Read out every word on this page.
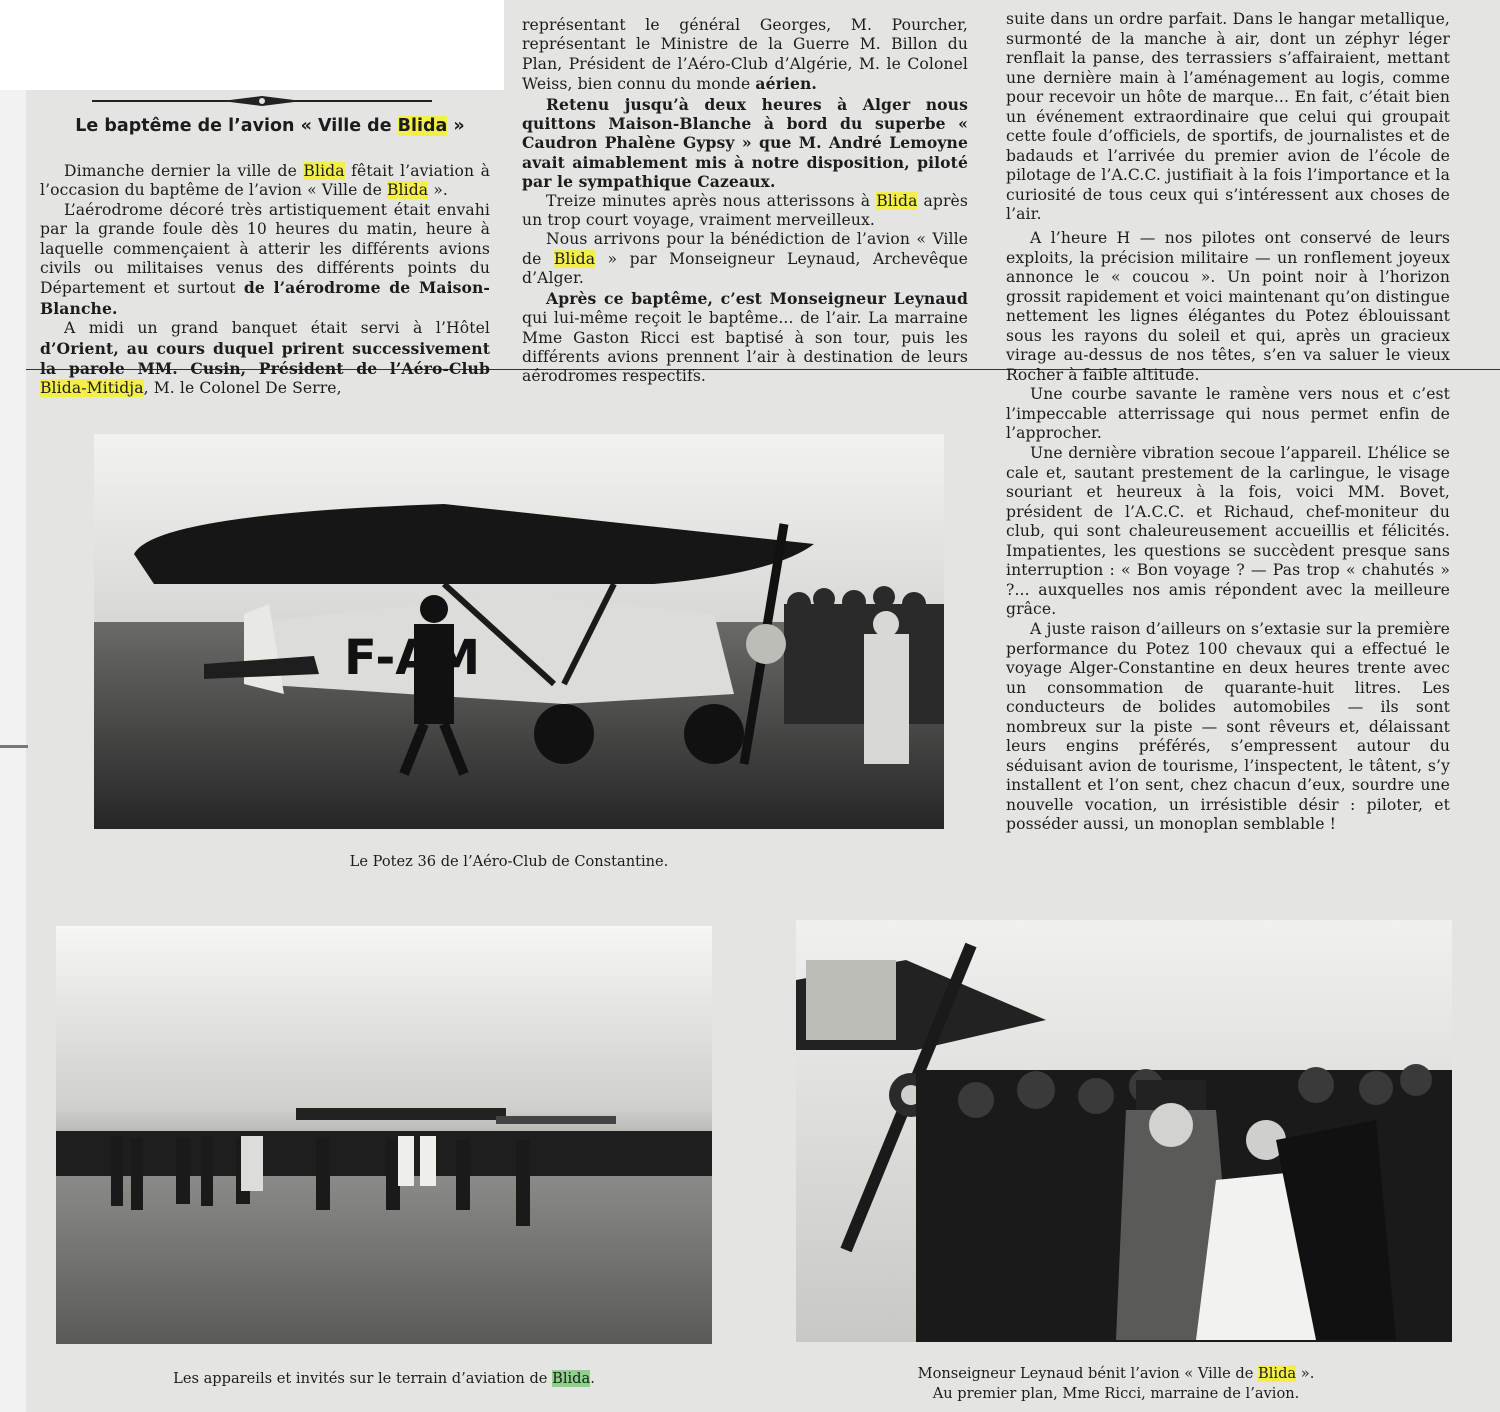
Le baptême de l’avion « Ville de Blida »

Dimanche dernier la ville de Blida fêtait l’aviation à l’occasion du baptême de l’avion « Ville de Blida ».

L’aérodrome décoré très artistiquement était envahi par la grande foule dès 10 heures du matin, heure à laquelle commençaient à atterir les différents avions civils ou militaises venus des différents points du Département et surtout de l’aérodrome de Maison-Blanche.

A midi un grand banquet était servi à l’Hôtel d’Orient, au cours duquel prirent successivement la parole MM. Cusin, Président de l’Aéro-Club Blida-Mitidja, M. le Colonel De Serre,

représentant le général Georges, M. Pourcher, représentant le Ministre de la Guerre M. Billon du Plan, Président de l’Aéro-Club d’Algérie, M. le Colonel Weiss, bien connu du monde aérien.

Retenu jusqu’à deux heures à Alger nous quittons Maison-Blanche à bord du superbe « Caudron Phalène Gypsy » que M. André Lemoyne avait aimablement mis à notre disposition, piloté par le sympathique Cazeaux.

Treize minutes après nous atterissons à Blida après un trop court voyage, vraiment merveilleux.

Nous arrivons pour la bénédiction de l’avion « Ville de Blida » par Monseigneur Leynaud, Archevêque d’Alger.

Après ce baptême, c’est Monseigneur Leynaud qui lui-même reçoit le baptême... de l’air. La marraine Mme Gaston Ricci est baptisé à son tour, puis les différents avions prennent l’air à destination de leurs aérodromes respectifs.

suite dans un ordre parfait. Dans le hangar metallique, surmonté de la manche à air, dont un zéphyr léger renflait la panse, des terrassiers s’affairaient, mettant une dernière main à l’aménagement au logis, comme pour recevoir un hôte de marque... En fait, c’était bien un événement extraordinaire que celui qui groupait cette foule d’officiels, de sportifs, de journalistes et de badauds et l’arrivée du premier avion de l’école de pilotage de l’A.C.C. justifiait à la fois l’importance et la curiosité de tous ceux qui s’intéressent aux choses de l’air.

A l’heure H — nos pilotes ont conservé de leurs exploits, la précision militaire — un ronflement joyeux annonce le « coucou ». Un point noir à l’horizon grossit rapidement et voici maintenant qu’on distingue nettement les lignes élégantes du Potez éblouissant sous les rayons du soleil et qui, après un gracieux virage au-dessus de nos têtes, s’en va saluer le vieux Rocher à faible altitude.

Une courbe savante le ramène vers nous et c’est l’impeccable atterrissage qui nous permet enfin de l’approcher.

Une dernière vibration secoue l’appareil. L’hélice se cale et, sautant prestement de la carlingue, le visage souriant et heureux à la fois, voici MM. Bovet, président de l’A.C.C. et Richaud, chef-moniteur du club, qui sont chaleureusement accueillis et félicités. Impatientes, les questions se succèdent presque sans interruption : « Bon voyage ? — Pas trop « chahutés » ?... auxquelles nos amis répondent avec la meilleure grâce.

A juste raison d’ailleurs on s’extasie sur la première performance du Potez 100 chevaux qui a effectué le voyage Alger-Constantine en deux heures trente avec un consommation de quarante-huit litres. Les conducteurs de bolides automobiles — ils sont nombreux sur la piste — sont rêveurs et, délaissant leurs engins préférés, s’empressent autour du séduisant avion de tourisme, l’inspectent, le tâtent, s’y installent et l’on sent, chez chacun d’eux, sourdre une nouvelle vocation, un irrésistible désir : piloter, et posséder aussi, un monoplan semblable !

F-AM
Le Potez 36 de l’Aéro-Club de Constantine.
Les appareils et invités sur le terrain d’aviation de Blida.	Monseigneur Leynaud bénit l’avion « Ville de Blida ».
Au premier plan, Mme Ricci, marraine de l’avion.
